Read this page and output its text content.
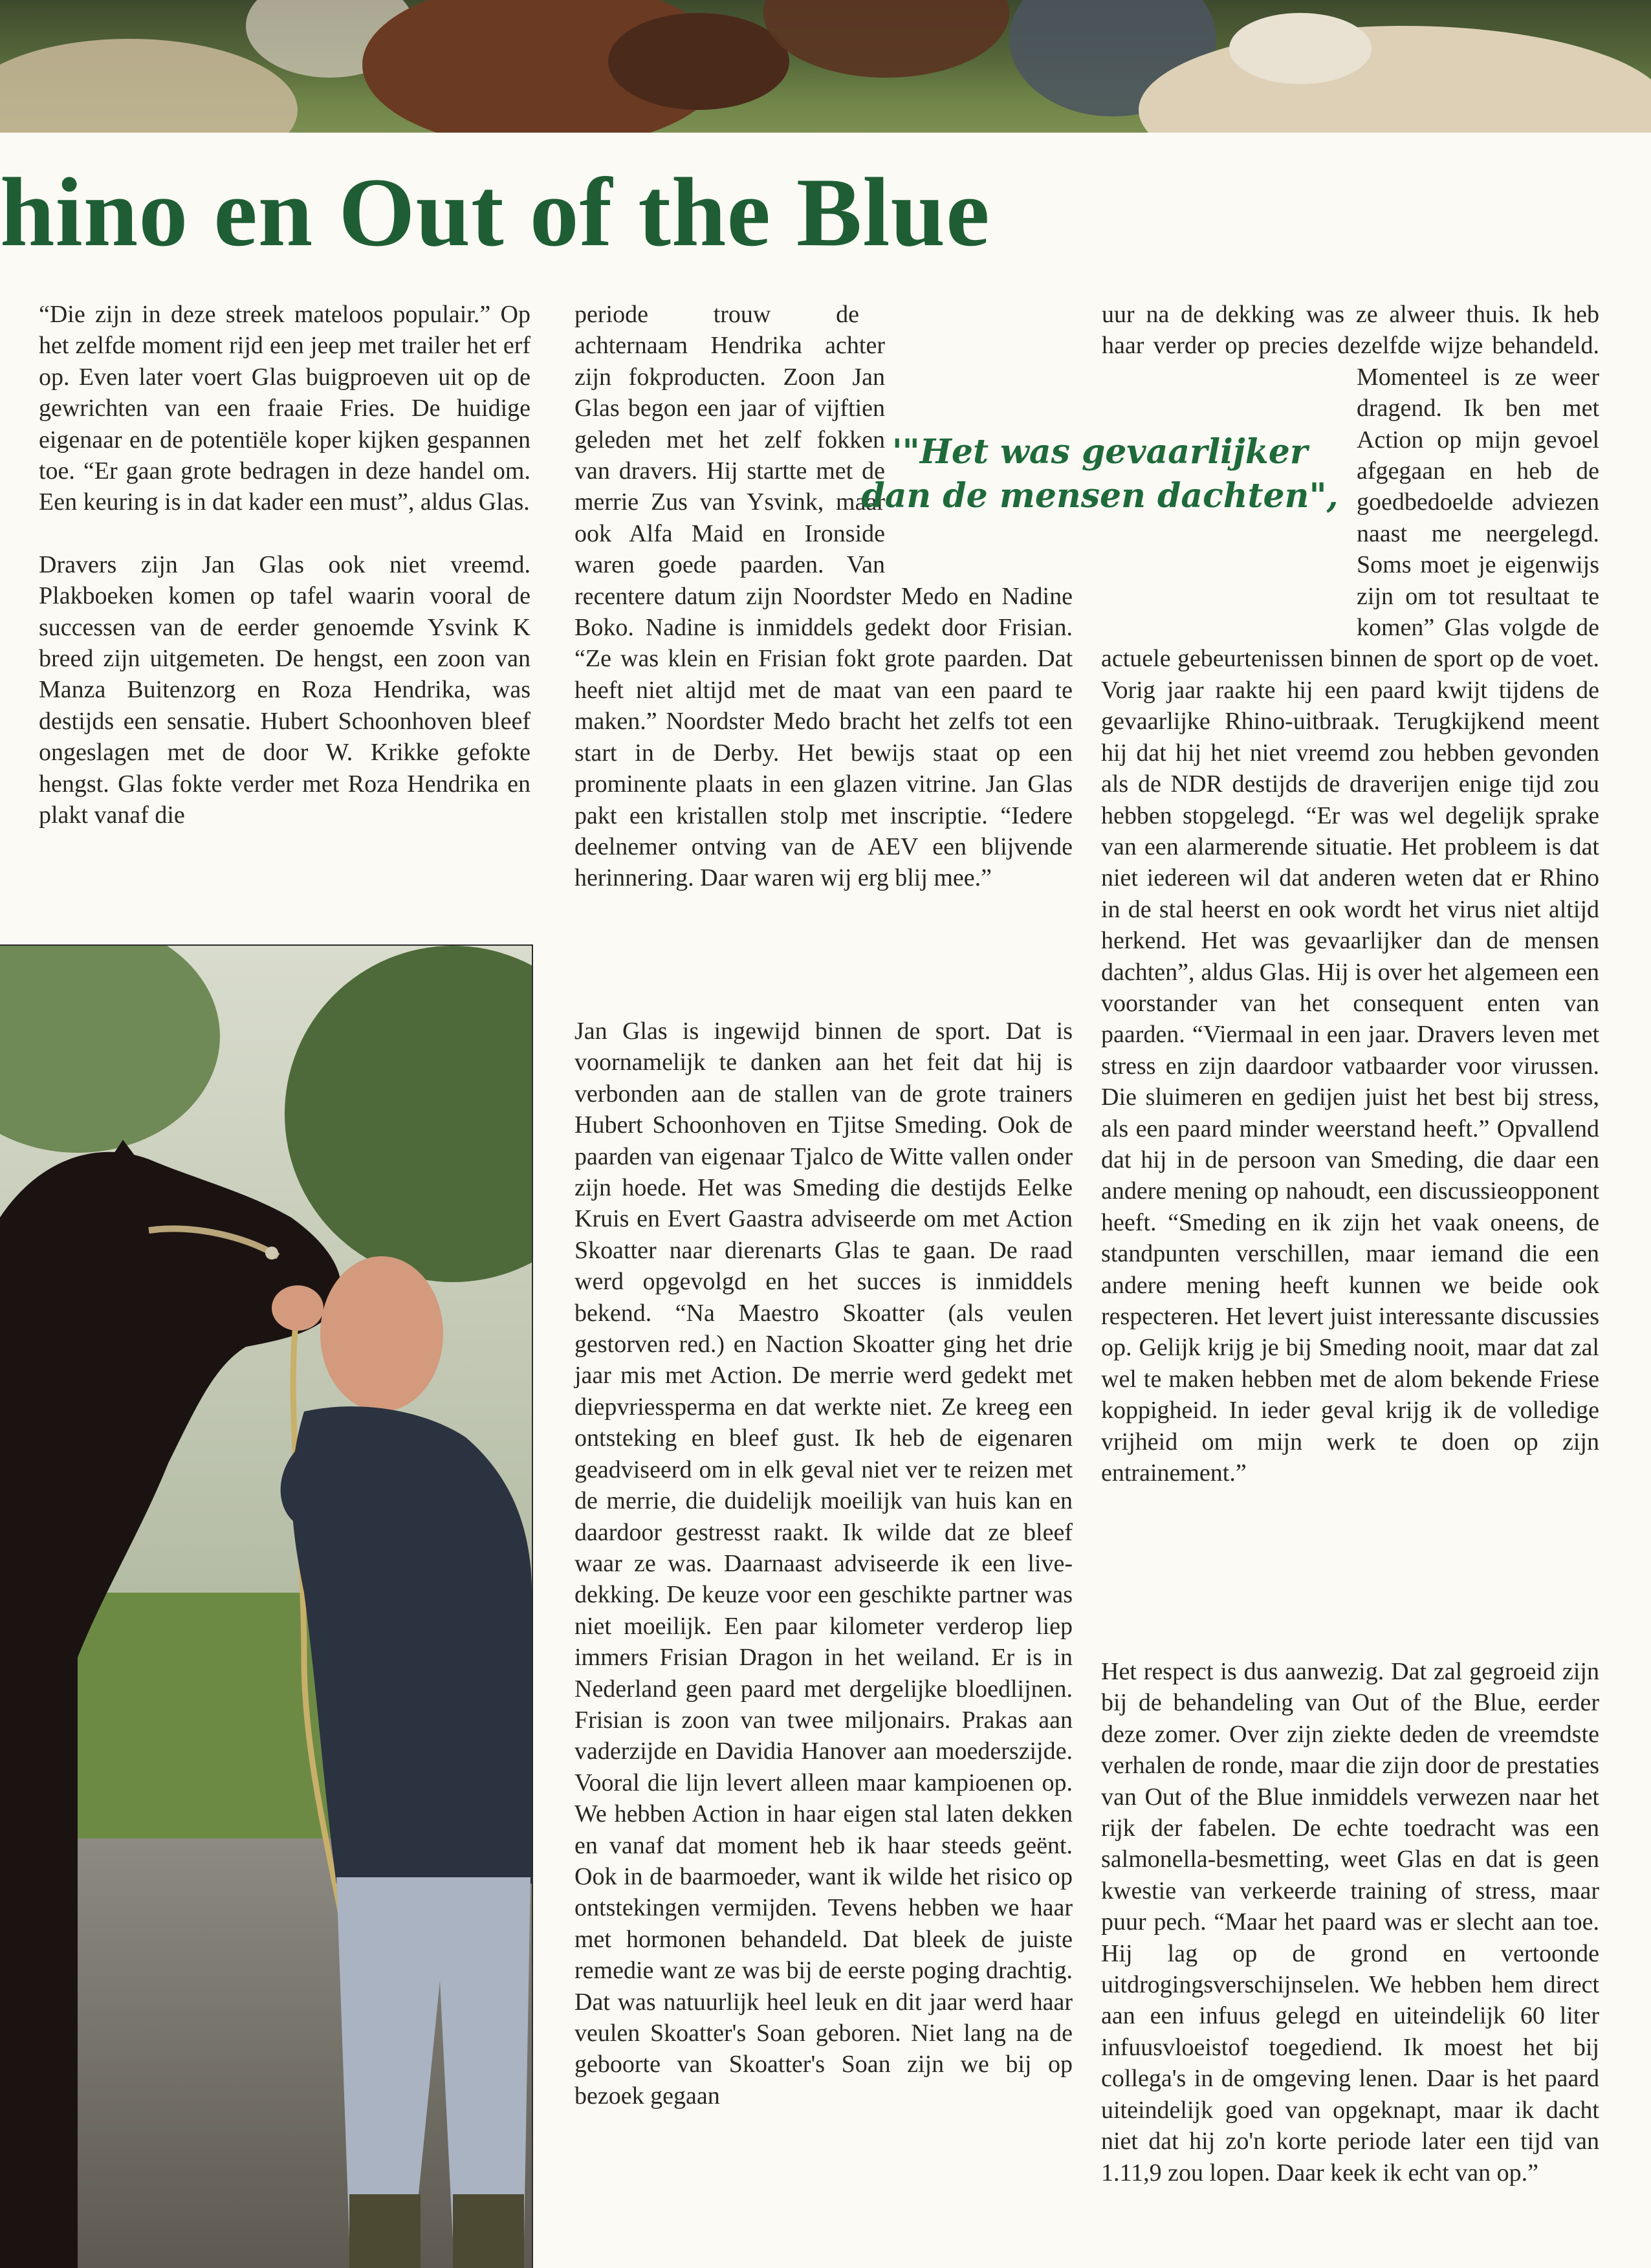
hino en Out of the Blue

“Die zijn in deze streek mateloos populair.” Op het zelfde moment rijd een jeep met trailer het erf op. Even later voert Glas buigproeven uit op de gewrichten van een fraaie Fries. De huidige eigenaar en de potentiële koper kijken gespannen toe. “Er gaan grote bedragen in deze handel om. Een keuring is in dat kader een must”, aldus Glas.

Dravers zijn Jan Glas ook niet vreemd. Plakboeken komen op tafel waarin vooral de successen van de eerder genoemde Ysvink K breed zijn uitgemeten. De hengst, een zoon van Manza Buitenzorg en Roza Hendrika, was destijds een sensatie. Hubert Schoonhoven bleef ongeslagen met de door W. Krikke gefokte hengst. Glas fokte verder met Roza Hendrika en plakt vanaf die

periode trouw de achternaam Hendrika achter zijn fokproducten. Zoon Jan Glas begon een jaar of vijftien geleden met het zelf fokken van dravers. Hij startte met de merrie Zus van Ysvink, maar ook Alfa Maid en Ironside waren goede paarden. Van recentere datum zijn Noordster Medo en Nadine Boko. Nadine is inmiddels gedekt door Frisian. “Ze was klein en Frisian fokt grote paarden. Dat heeft niet altijd met de maat van een paard te maken.” Noordster Medo bracht het zelfs tot een start in de Derby. Het bewijs staat op een prominente plaats in een glazen vitrine. Jan Glas pakt een kristallen stolp met inscriptie. “Iedere deelnemer ontving van de AEV een blijvende herinnering. Daar waren wij erg blij mee.”

Jan Glas is ingewijd binnen de sport. Dat is voornamelijk te danken aan het feit dat hij is verbonden aan de stallen van de grote trainers Hubert Schoonhoven en Tjitse Smeding. Ook de paarden van eigenaar Tjalco de Witte vallen onder zijn hoede. Het was Smeding die destijds Eelke Kruis en Evert Gaastra adviseerde om met Action Skoatter naar dierenarts Glas te gaan. De raad werd opgevolgd en het succes is inmiddels bekend. “Na Maestro Skoatter (als veulen gestorven red.) en Naction Skoatter ging het drie jaar mis met Action. De merrie werd gedekt met diepvriessperma en dat werkte niet. Ze kreeg een ontsteking en bleef gust. Ik heb de eigenaren geadviseerd om in elk geval niet ver te reizen met de merrie, die duidelijk moeilijk van huis kan en daardoor gestresst raakt. Ik wilde dat ze bleef waar ze was. Daarnaast adviseerde ik een live-dekking. De keuze voor een geschikte partner was niet moeilijk. Een paar kilometer verderop liep immers Frisian Dragon in het weiland. Er is in Nederland geen paard met dergelijke bloedlijnen. Frisian is zoon van twee miljonairs. Prakas aan vaderzijde en Davidia Hanover aan moederszijde. Vooral die lijn levert alleen maar kampioenen op. We hebben Action in haar eigen stal laten dekken en vanaf dat moment heb ik haar steeds geënt. Ook in de baarmoeder, want ik wilde het risico op ontstekingen vermijden. Tevens hebben we haar met hormonen behandeld. Dat bleek de juiste remedie want ze was bij de eerste poging drachtig. Dat was natuurlijk heel leuk en dit jaar werd haar veulen Skoatter's Soan geboren. Niet lang na de geboorte van Skoatter's Soan zijn we bij op bezoek gegaan

uur na de dekking was ze alweer thuis. Ik heb haar verder op precies dezelfde wijze behandeld. Momenteel is ze weer dragend. Ik ben met Action op mijn gevoel afgegaan en heb de goedbedoelde adviezen naast me neergelegd. Soms moet je eigenwijs zijn om tot resultaat te komen” Glas volgde de actuele gebeurtenissen binnen de sport op de voet. Vorig jaar raakte hij een paard kwijt tijdens de gevaarlijke Rhino-uitbraak. Terugkijkend meent hij dat hij het niet vreemd zou hebben gevonden als de NDR destijds de draverijen enige tijd zou hebben stopgelegd. “Er was wel degelijk sprake van een alarmerende situatie. Het probleem is dat niet iedereen wil dat anderen weten dat er Rhino in de stal heerst en ook wordt het virus niet altijd herkend. Het was gevaarlijker dan de mensen dachten”, aldus Glas. Hij is over het algemeen een voorstander van het consequent enten van paarden. “Viermaal in een jaar. Dravers leven met stress en zijn daardoor vatbaarder voor virussen. Die sluimeren en gedijen juist het best bij stress, als een paard minder weerstand heeft.” Opvallend dat hij in de persoon van Smeding, die daar een andere mening op nahoudt, een discussieopponent heeft. “Smeding en ik zijn het vaak oneens, de standpunten verschillen, maar iemand die een andere mening heeft kunnen we beide ook respecteren. Het levert juist interessante discussies op. Gelijk krijg je bij Smeding nooit, maar dat zal wel te maken hebben met de alom bekende Friese koppigheid. In ieder geval krijg ik de volledige vrijheid om mijn werk te doen op zijn entrainement.”

Het respect is dus aanwezig. Dat zal gegroeid zijn bij de behandeling van Out of the Blue, eerder deze zomer. Over zijn ziekte deden de vreemdste verhalen de ronde, maar die zijn door de prestaties van Out of the Blue inmiddels verwezen naar het rijk der fabelen. De echte toedracht was een salmonella-besmetting, weet Glas en dat is geen kwestie van verkeerde training of stress, maar puur pech. “Maar het paard was er slecht aan toe. Hij lag op de grond en vertoonde uitdrogingsverschijnselen. We hebben hem direct aan een infuus gelegd en uiteindelijk 60 liter infuusvloeistof toegediend. Ik moest het bij collega's in de omgeving lenen. Daar is het paard uiteindelijk goed van opgeknapt, maar ik dacht niet dat hij zo'n korte periode later een tijd van 1.11,9 zou lopen. Daar keek ik echt van op.”

'"Het was gevaarlijker dan de mensen dachten",
